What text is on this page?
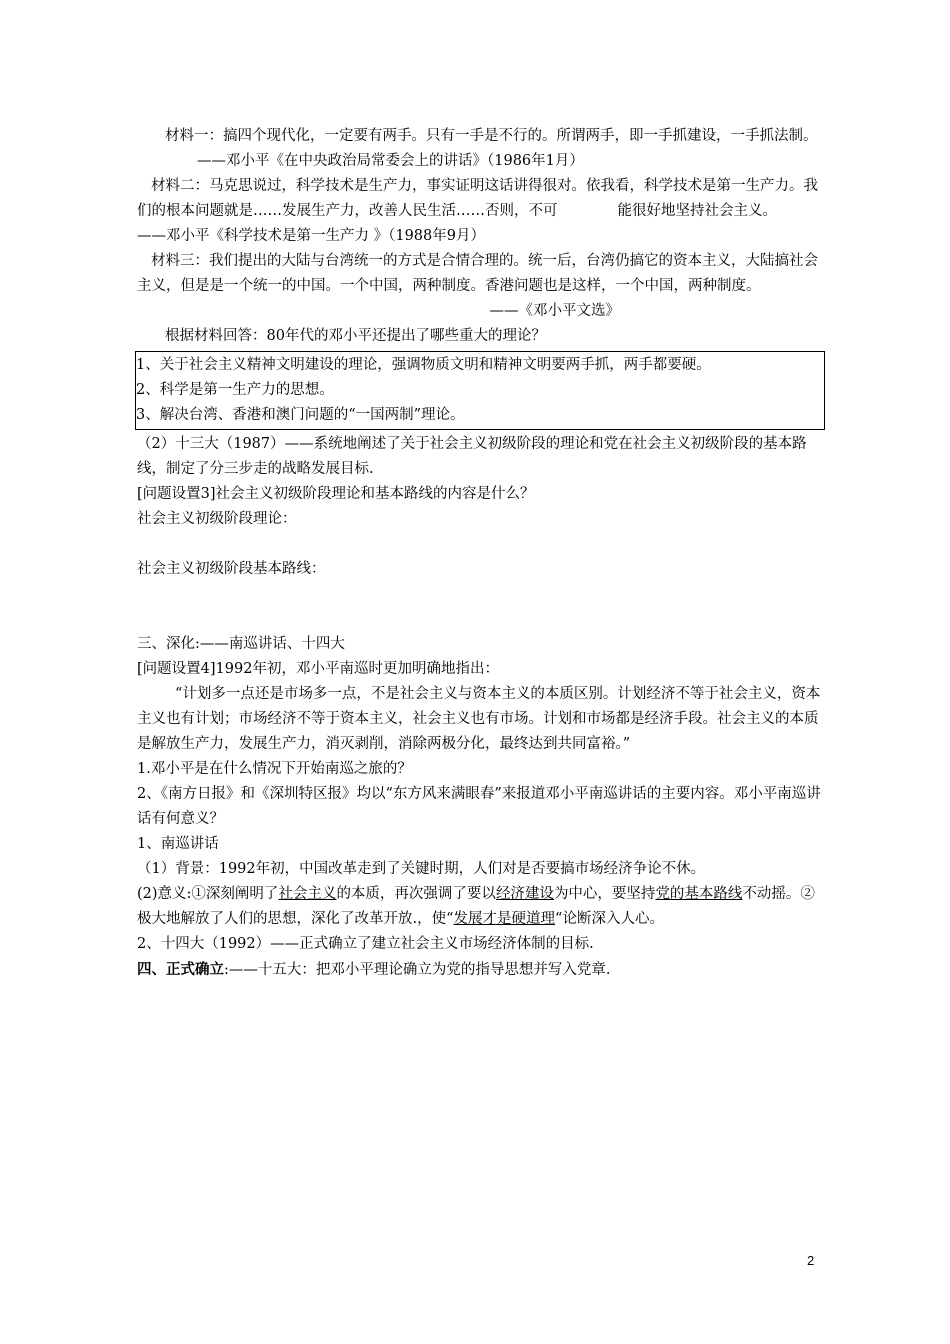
材料一：搞四个现代化，一定要有两手。只有一手是不行的。所谓两手，即一手抓建设，一手抓法制。——邓小平《在中央政治局常委会上的讲话》（1986年1月）

材料二：马克思说过，科学技术是生产力，事实证明这话讲得很对。依我看，科学技术是第一生产力。我们的根本问题就是……发展生产力，改善人民生活……否则，不可	能很好地坚持社会主义。——邓小平《科学技术是第一生产力 》（1988年9月）

材料三：我们提出的大陆与台湾统一的方式是合情合理的。统一后，台湾仍搞它的资本主义，大陆搞社会主义，但是是一个统一的中国。一个中国，两种制度。香港问题也是这样，一个中国，两种制度。

——《邓小平文选》

根据材料回答：80年代的邓小平还提出了哪些重大的理论？

1、关于社会主义精神文明建设的理论，强调物质文明和精神文明要两手抓，两手都要硬。

2、科学是第一生产力的思想。

3、解决台湾、香港和澳门问题的“一国两制”理论。

（2）十三大（1987）——系统地阐述了关于社会主义初级阶段的理论和党在社会主义初级阶段的基本路线，制定了分三步走的战略发展目标.

[问题设置3]社会主义初级阶段理论和基本路线的内容是什么？

社会主义初级阶段理论：

社会主义初级阶段基本路线：

三、深化:——南巡讲话、十四大

[问题设置4]1992年初，邓小平南巡时更加明确地指出：

“计划多一点还是市场多一点，不是社会主义与资本主义的本质区别。计划经济不等于社会主义，资本主义也有计划；市场经济不等于资本主义，社会主义也有市场。计划和市场都是经济手段。社会主义的本质是解放生产力，发展生产力，消灭剥削，消除两极分化，最终达到共同富裕。”

1.邓小平是在什么情况下开始南巡之旅的？

2、《南方日报》和《深圳特区报》均以“东方风来满眼春”来报道邓小平南巡讲话的主要内容。邓小平南巡讲话有何意义？

1、南巡讲话

（1）背景：1992年初，中国改革走到了关键时期，人们对是否要搞市场经济争论不休。

(2)意义:①深刻阐明了社会主义的本质，再次强调了要以经济建设为中心，要坚持党的基本路线不动摇。②极大地解放了人们的思想，深化了改革开放.，使“发展才是硬道理“论断深入人心。

2、十四大（1992）——正式确立了建立社会主义市场经济体制的目标.

四、正式确立:——十五大：把邓小平理论确立为党的指导思想并写入党章.

2
